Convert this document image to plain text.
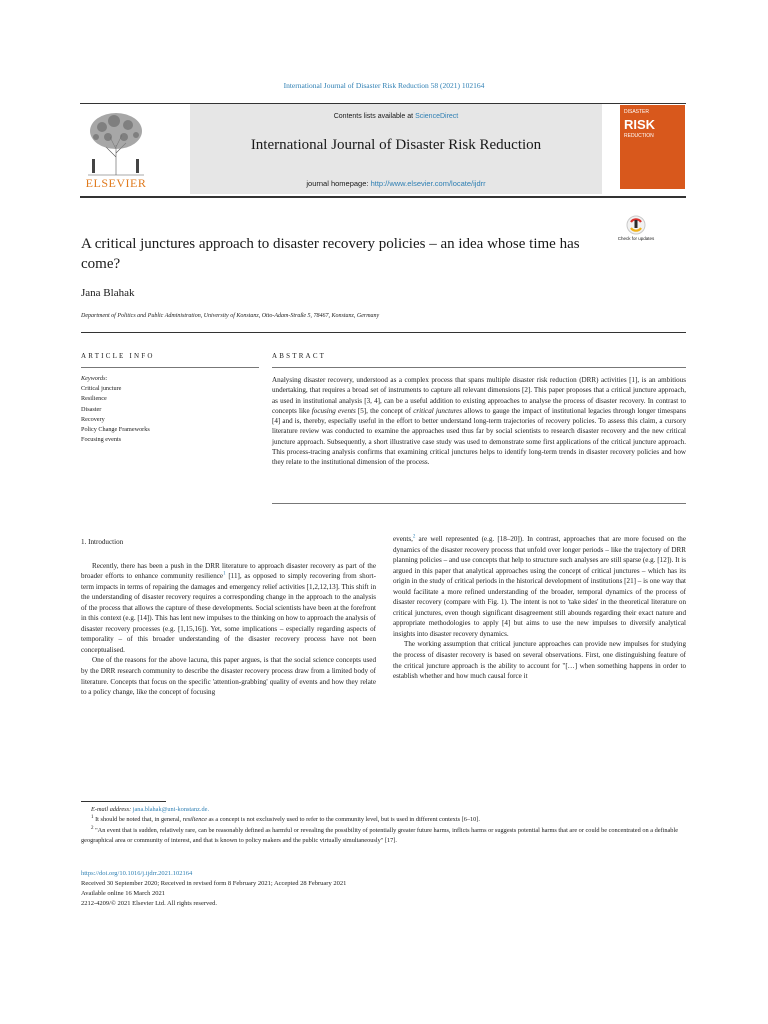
International Journal of Disaster Risk Reduction 58 (2021) 102164
ELSEVIER
Contents lists available at ScienceDirect
International Journal of Disaster Risk Reduction
journal homepage: http://www.elsevier.com/locate/ijdrr
DISASTER
RISK
REDUCTION
A critical junctures approach to disaster recovery policies – an idea whose time has come?
Check for updates
Jana Blahak
Department of Politics and Public Administration, University of Konstanz, Otto-Adam-Straße 5, 78467, Konstanz, Germany
ARTICLE INFO	ABSTRACT
Keywords:
Critical juncture
Resilience
Disaster
Recovery
Policy Change Frameworks
Focusing events
Analysing disaster recovery, understood as a complex process that spans multiple disaster risk reduction (DRR) activities [1], is an ambitious undertaking, that requires a broad set of instruments to capture all relevant dimensions [2]. This paper proposes that a critical juncture approach, as used in institutional analysis [3, 4], can be a useful addition to existing approaches to analyse the process of disaster recovery. In contrast to concepts like focusing events [5], the concept of critical junctures allows to gauge the impact of institutional legacies through longer timespans [4] and is, thereby, especially useful in the effort to better understand long-term trajectories of recovery policies. To assess this claim, a cursory literature review was conducted to examine the approaches used thus far by social scientists to research disaster recovery and the new critical juncture approach. Subsequently, a short illustrative case study was used to demonstrate some first applications of the critical juncture approach. This process-tracing analysis confirms that examining critical junctures helps to identify long-term trends in disaster recovery policies and how they relate to the institutional dimension of the process.
1. Introduction

Recently, there has been a push in the DRR literature to approach disaster recovery as part of the broader efforts to enhance community resilience$^1$ [11], as opposed to simply recovering from short-term impacts in terms of repairing the damages and emergency relief activities [1,2,12,13]. This shift in the understanding of disaster recovery requires a corresponding change in the approach to the analysis of the process that allows the capture of these developments. Social scientists have been at the forefront in this context (e.g. [14]). This has lent new impulses to the thinking on how to approach the analysis of disaster recovery processes (e.g. [1,15,16]). Yet, some implications – especially regarding aspects of temporality – of this broader understanding of the disaster recovery process have not been conceptualised.

One of the reasons for the above lacuna, this paper argues, is that the social science concepts used by the DRR research community to describe the disaster recovery process draw from a limited body of literature. Concepts that focus on the specific 'attention-grabbing' quality of events and how they relate to a policy change, like the concept of focusing

events,$^2$ are well represented (e.g. [18–20]). In contrast, approaches that are more focused on the dynamics of the disaster recovery process that unfold over longer periods – like the trajectory of DRR planning policies – and use concepts that help to structure such analyses are still sparse (e.g. [12]). It is argued in this paper that analytical approaches using the concept of critical junctures – which has its origin in the study of critical periods in the historical development of institutions [21] – is one way that would facilitate a more refined understanding of the broader, temporal dynamics of the process of disaster recovery (compare with Fig. 1). The intent is not to 'take sides' in the theoretical literature on critical junctures, even though significant disagreement still abounds regarding their exact nature and appropriate methodologies to apply [4] but aims to use the new impulses to diversify analytical insights into disaster recovery dynamics.

The working assumption that critical juncture approaches can provide new impulses for studying the process of disaster recovery is based on several observations. First, one distinguishing feature of the critical juncture approach is the ability to account for "[…] when something happens in order to establish whether and how much causal force it

E-mail address: jana.blahak@uni-konstanz.de.

$^1$ It should be noted that, in general, resilience as a concept is not exclusively used to refer to the community level, but is used in different contexts [6–10].

$^2$ "An event that is sudden, relatively rare, can be reasonably defined as harmful or revealing the possibility of potentially greater future harms, inflicts harms or suggests potential harms that are or could be concentrated on a definable geographical area or community of interest, and that is known to policy makers and the public virtually simultaneously" [17].

https://doi.org/10.1016/j.ijdrr.2021.102164
Received 30 September 2020; Received in revised form 8 February 2021; Accepted 28 February 2021
Available online 16 March 2021
2212-4209/© 2021 Elsevier Ltd. All rights reserved.
